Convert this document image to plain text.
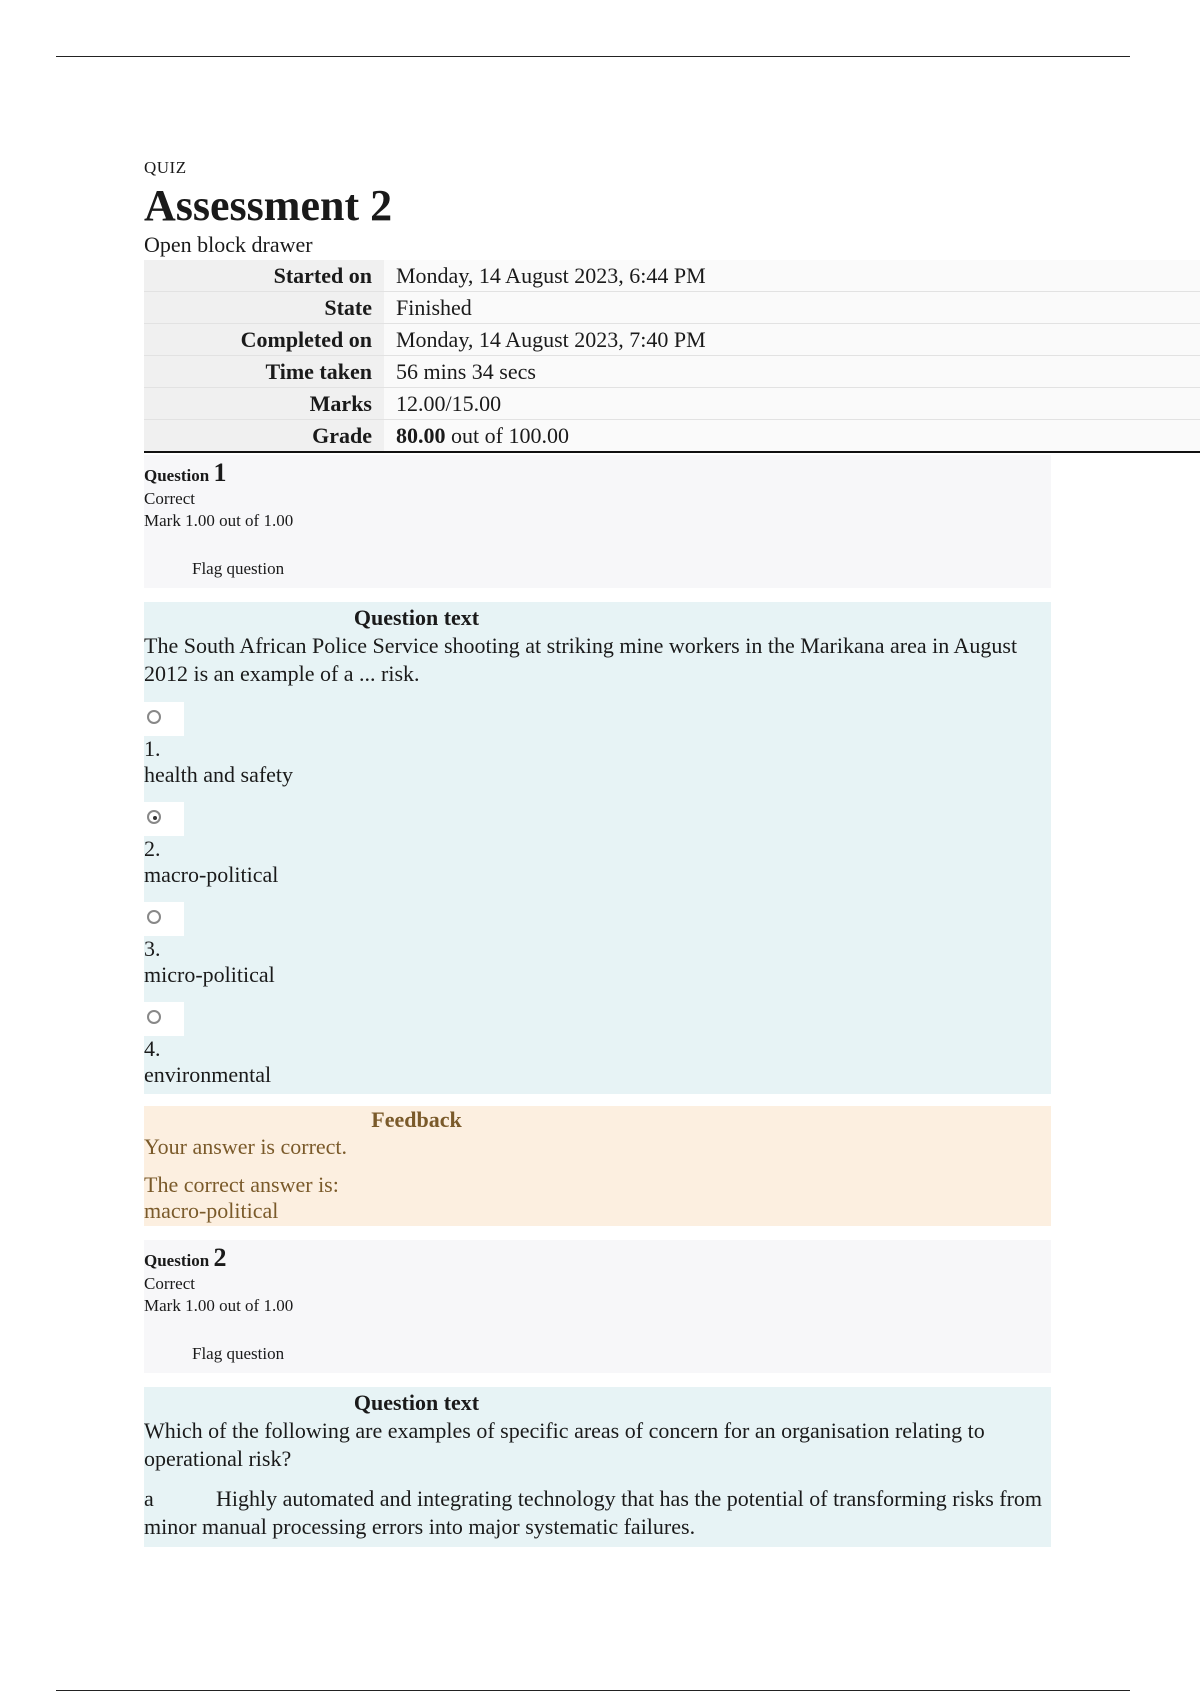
QUIZ

Assessment 2

Open block drawer

Started on	Monday, 14 August 2023, 6:44 PM
State	Finished
Completed on	Monday, 14 August 2023, 7:40 PM
Time taken	56 mins 34 secs
Marks	12.00/15.00
Grade	80.00 out of 100.00
Question 1
Correct
Mark 1.00 out of 1.00
Flag question
Question text
The South African Police Service shooting at striking mine workers in the Marikana area in August 2012 is an example of a ... risk.
1.
health and safety
2.
macro-political
3.
micro-political
4.
environmental
Feedback
Your answer is correct.
The correct answer is:
macro-political
Question 2
Correct
Mark 1.00 out of 1.00
Flag question
Question text
Which of the following are examples of specific areas of concern for an organisation relating to operational risk?
a	Highly automated and integrating technology that has the potential of transforming risks from minor manual processing errors into major systematic failures.
